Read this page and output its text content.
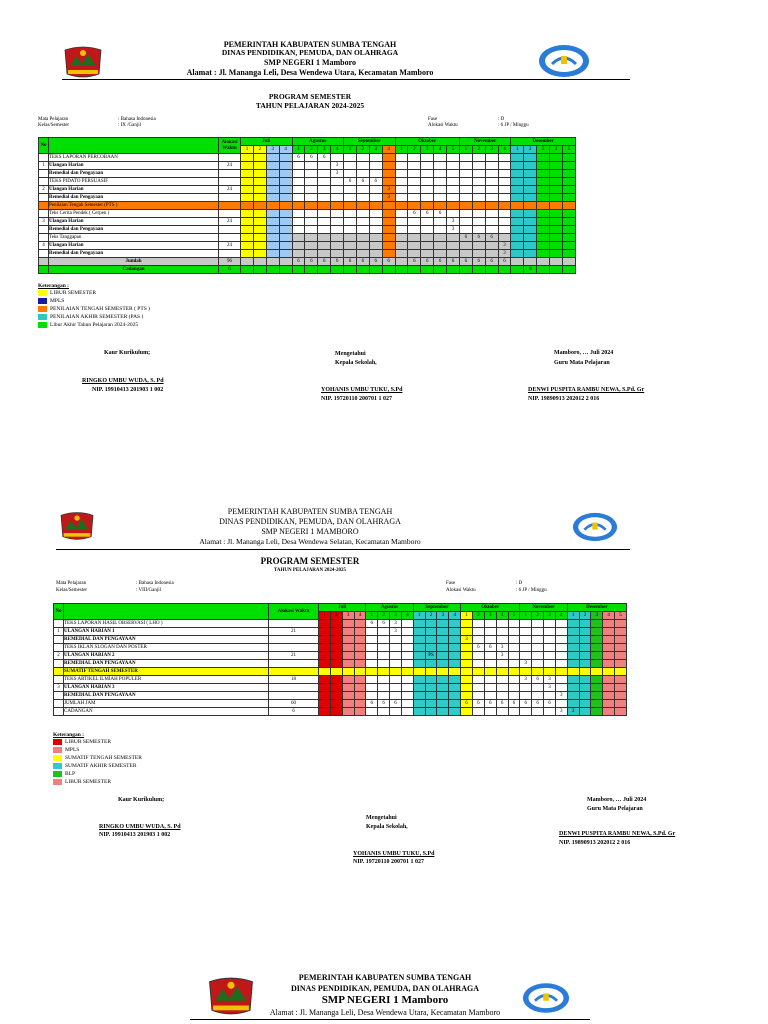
PEMERINTAH KABUPATEN SUMBA TENGAH
DINAS PENDIDIKAN, PEMUDA, DAN OLAHRAGA
SMP NEGERI 1 Mamboro
Alamat : Jl. Mananga Leli, Desa Wendewa Utara, Kecamatan Mamboro
PROGRAM SEMESTER
TAHUN PELAJARAN 2024-2025
Mata Pelajaran	: Bahasa Indonesia
Kelas/Semester	: IX /Ganjil
Fase	: D
Alokasi Waktu	: 6 JP / Minggu
No		Alokasi Waktu	Juli				Agustus				September				Oktober					November				Desember				
			1	2	3	4	1	2	3	4	1	2	3	4	1	2	3	4	5	1	2	3	4	1	2	3	4	5
	TEKS LAPORAN PERCOBAAN						6	6	6																			
1	Ulangan Harian	24								3																		
	Remedial dan Pengayaan									3																		
	TEKS PIDATO PERSUASIF										6	6	6															
2	Ulangan Harian	24												3														
	Remedial dan Pengayaan													3														
	Penilaian Tengah Semester (PTS )																											
	Teks Cerita Pendek ( Cerpen )															6	6	6										
3	Ulangan Harian	24																	3									
	Remedial dan Pengayaan																		3									
	Teks Tanggapan																			6	6	6						
4	Ulangan Harian	24																					3					
	Remedial dan Pengayaan																						3					
	Jumlah	96					6	6	6	6	6	6	6	6		6	6	6	6	6	6	6	6					
	Cadangan	6																							6			
Keterangan :
LIBUR SEMESTER
MPLS
PENILAIAN TENGAH SEMESTER ( PTS )
PENILAIAN AKHIR SEMESTER (PAS )
Libur Akhir Tahun Pelajaran 2024-2025
Kaur Kurikulum;
RINGKO UMBU WUDA, S. Pd
NIP. 19910413 201903 1 002
Mengetahui
Kepala Sekolah,
YOHANIS UMBU TUKU, S.Pd
NIP. 19720110 200701 1 027
Mamboro, … Juli 2024
Guru Mata Pelajaran
DENWI PUSPITA RAMBU NEWA, S.Pd. Gr
NIP. 19890913 202012 2 016
PEMERINTAH KABUPATEN SUMBA TENGAH
DINAS PENDIDIKAN, PEMUDA, DAN OLAHRAGA
SMP NEGERI 1 MAMBORO
Alamat : Jl. Mananga Leli, Desa Wendewa Selatan, Kecamatan Mamboro
PROGRAM SEMESTER
TAHUN PELAJARAN 2024-2025
Mata Pelajaran	: Bahasa Indonesia
Kelas/Semester	: VIII/Ganjil
Fase	: D
Alokasi Waktu	: 6 JP / Minggu
No		Alokasi Waktu	Juli				Agustus				September				Oktober					November				Desember				
			1	2	3	4	1	2	3	4	1	2	3	4	1	2	3	4	5	1	2	3	4	1	2	3	4	5
	TEKS LAPORAN HASIL OBSERVASI ( LHO )						6	6	3																			
1	ULANGAN HARIAN 1	21							3																			
	REMEDIAL DAN PENGAYAAN														3													
	TEKS IKLAN SLOGAN DAN POSTER															6	6	3										
2	ULANGAN HARIAN 2	21										PS						3										
	REMEDIAL DAN PENGAYAAN																			3								
	SUMATIF TENGAH SEMESTER																											
	TEKS ARTIKEL ILMIAH POPULER	18																		3	6	3						
3	ULANGAN HARIAN 3																					3						
	REMEDIAL DAN PENGAYAAN																						3					
	JUMLAH JAM	60					6	6	6						6	6	6	6	6	6	6	6						
	CADANGAN	6																					3	3				
Keterangan :
LIBUR SEMESTER
MPLS
SUMATIF TENGAH SEMESTER
SUMATIF AKHIR SEMESTER
BLP
LIBUR SEMESTER
Kaur Kurikulum;
RINGKO UMBU WUDA, S. Pd
NIP. 19910413 201903 1 002
Mengetahui
Kepala Sekolah,
YOHANIS UMBU TUKU, S.Pd
NIP. 19720110 200701 1 027
Mamboro, … Juli 2024
Guru Mata Pelajaran
DENWI PUSPITA RAMBU NEWA, S.Pd. Gr
NIP. 19890913 202012 2 016
PEMERINTAH KABUPATEN SUMBA TENGAH
DINAS PENDIDIKAN, PEMUDA, DAN OLAHRAGA
SMP NEGERI 1 Mamboro
Alamat : Jl. Mananga Leli, Desa Wendewa Utara, Kecamatan Mamboro
